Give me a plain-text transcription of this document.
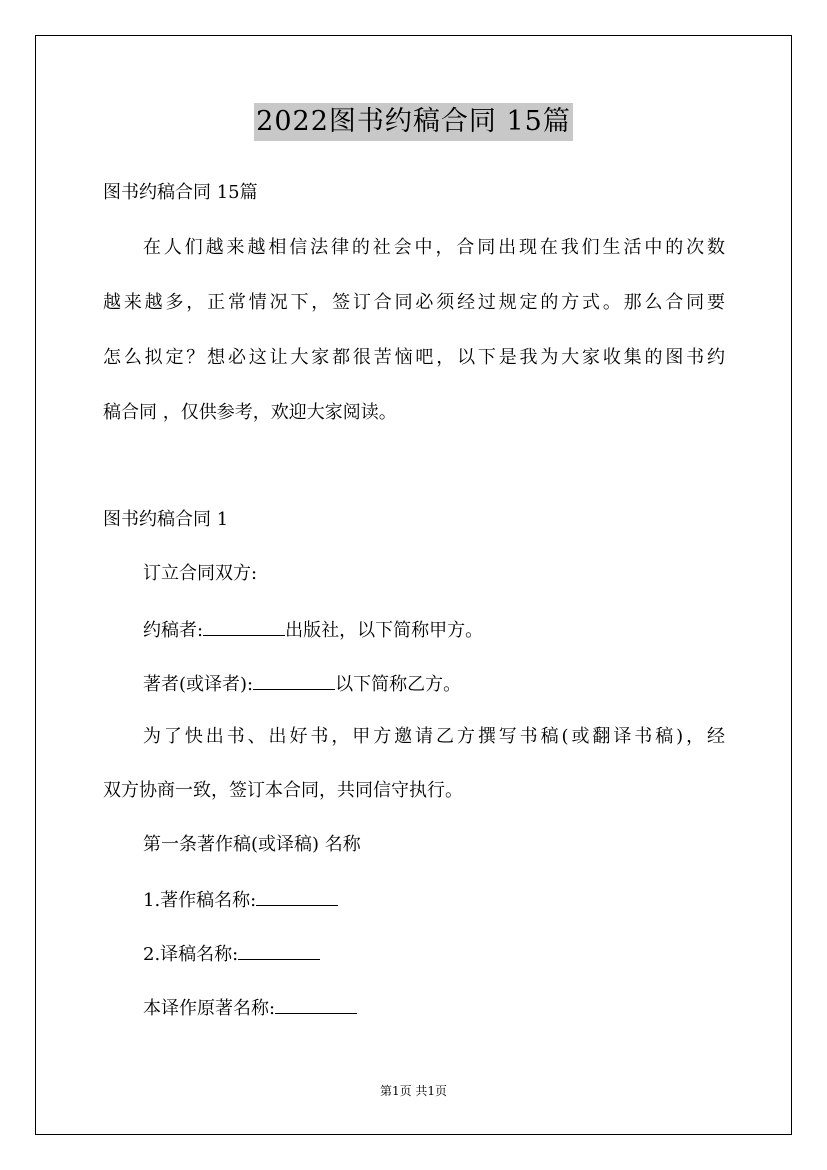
2022图书约稿合同 15篇
图书约稿合同 15篇
在人们越来越相信法律的社会中，合同出现在我们生活中的次数
越来越多，正常情况下，签订合同必须经过规定的方式。那么合同要
怎么拟定？想必这让大家都很苦恼吧，以下是我为大家收集的图书约
稿合同 ，仅供参考，欢迎大家阅读。
图书约稿合同 1
订立合同双方:
约稿者:	出版社，以下简称甲方。
著者(或译者):	以下简称乙方。
为了快出书、出好书，甲方邀请乙方撰写书稿(或翻译书稿)，经
双方协商一致，签订本合同，共同信守执行。
第一条著作稿(或译稿) 名称
1.著作稿名称:
2.译稿名称:
本译作原著名称:
第1页 共1页
